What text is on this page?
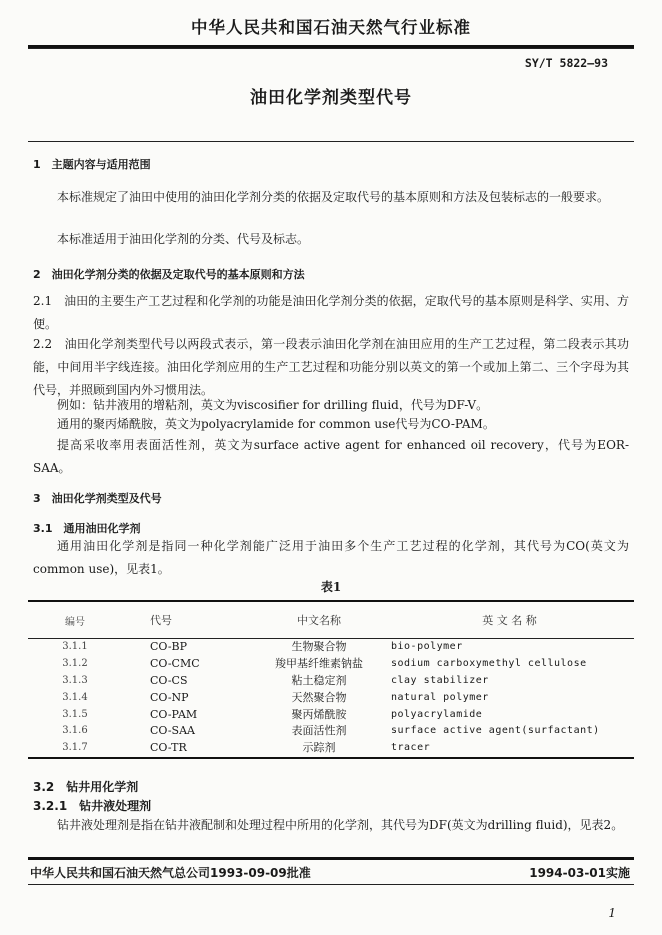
中华人民共和国石油天然气行业标准
SY/T 5822—93
油田化学剂类型代号
1　主题内容与适用范围
本标准规定了油田中使用的油田化学剂分类的依据及定取代号的基本原则和方法及包装标志的一般要求。
本标准适用于油田化学剂的分类、代号及标志。
2　油田化学剂分类的依据及定取代号的基本原则和方法
2.1　油田的主要生产工艺过程和化学剂的功能是油田化学剂分类的依据，定取代号的基本原则是科学、实用、方便。
2.2　油田化学剂类型代号以两段式表示，第一段表示油田化学剂在油田应用的生产工艺过程，第二段表示其功能，中间用半字线连接。油田化学剂应用的生产工艺过程和功能分别以英文的第一个或加上第二、三个字母为其代号，并照顾到国内外习惯用法。
例如：钻井液用的增粘剂，英文为viscosifier for drilling fluid，代号为DF-V。
通用的聚丙烯酰胺，英文为polyacrylamide for common use代号为CO-PAM。
提高采收率用表面活性剂，英文为surface active agent for enhanced oil recovery，代号为EOR-SAA。
3　油田化学剂类型及代号
3.1　通用油田化学剂
通用油田化学剂是指同一种化学剂能广泛用于油田多个生产工艺过程的化学剂，其代号为CO(英文为common use)，见表1。
表1
编号	代号	中文名称	英 文 名 称
3.1.1	CO-BP	生物聚合物	bio-polymer
3.1.2	CO-CMC	羧甲基纤维素钠盐	sodium carboxymethyl cellulose
3.1.3	CO-CS	粘土稳定剂	clay stabilizer
3.1.4	CO-NP	天然聚合物	natural polymer
3.1.5	CO-PAM	聚丙烯酰胺	polyacrylamide
3.1.6	CO-SAA	表面活性剂	surface active agent(surfactant)
3.1.7	CO-TR	示踪剂	tracer
3.2　钻井用化学剂
3.2.1　钻井液处理剂
钻井液处理剂是指在钻井液配制和处理过程中所用的化学剂，其代号为DF(英文为drilling fluid)，见表2。
中华人民共和国石油天然气总公司1993-09-09批准	1994-03-01实施
1
